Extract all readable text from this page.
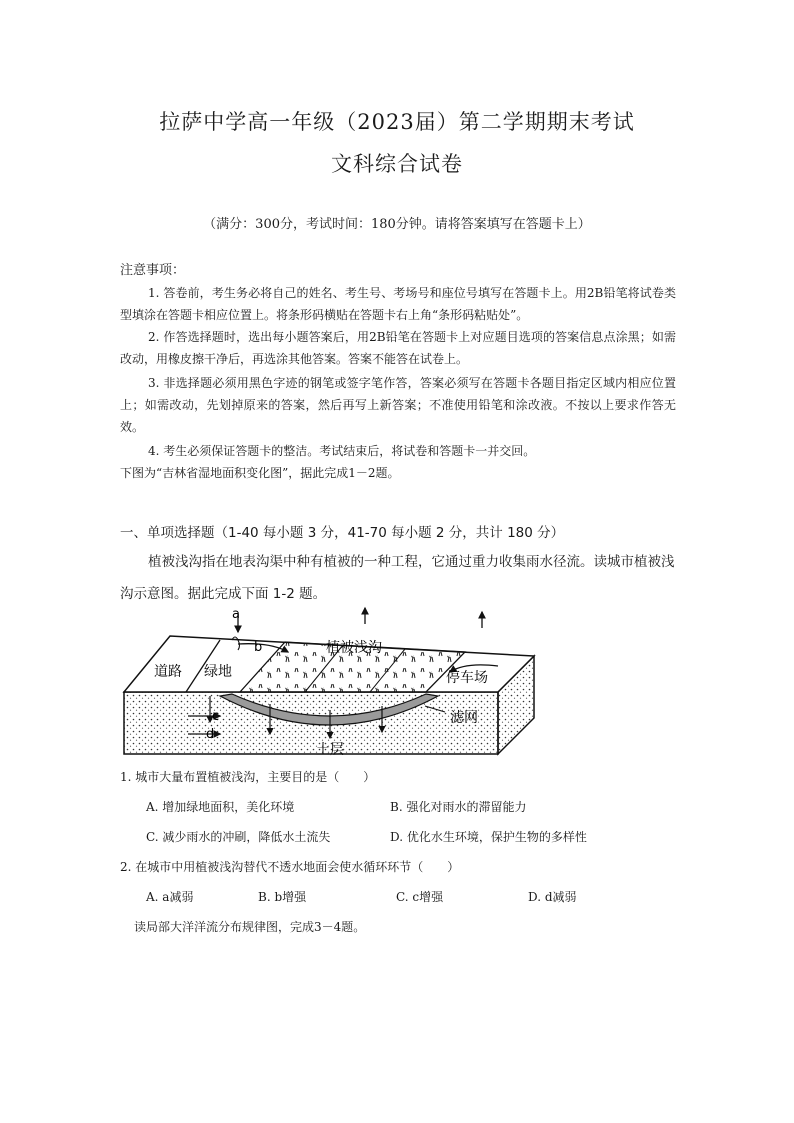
拉萨中学高一年级（2023届）第二学期期末考试
文科综合试卷
（满分：300分，考试时间：180分钟。请将答案填写在答题卡上）
注意事项：
1. 答卷前，考生务必将自己的姓名、考生号、考场号和座位号填写在答题卡上。用2B铅笔将试卷类型填涂在答题卡相应位置上。将条形码横贴在答题卡右上角“条形码粘贴处”。
2. 作答选择题时，选出每小题答案后，用2B铅笔在答题卡上对应题目选项的答案信息点涂黑；如需改动，用橡皮擦干净后，再选涂其他答案。答案不能答在试卷上。
3. 非选择题必须用黑色字迹的钢笔或签字笔作答，答案必须写在答题卡各题目指定区域内相应位置上；如需改动，先划掉原来的答案，然后再写上新答案；不准使用铅笔和涂改液。不按以上要求作答无效。
4. 考生必须保证答题卡的整洁。考试结束后，将试卷和答题卡一并交回。
下图为“吉林省湿地面积变化图”，据此完成1－2题。
一、单项选择题（1-40 每小题 3 分，41-70 每小题 2 分，共计 180 分）
植被浅沟指在地表沟渠中种有植被的一种工程，它通过重力收集雨水径流。读城市植被浅沟示意图。据此完成下面 1-2 题。
a
b
c
d
道路 绿地
植被浅沟
停车场
滤网
土层
1. 城市大量布置植被浅沟，主要目的是（　　）
A. 增加绿地面积，美化环境	B. 强化对雨水的滞留能力
C. 减少雨水的冲刷，降低水土流失	D. 优化水生环境，保护生物的多样性
2. 在城市中用植被浅沟替代不透水地面会使水循环环节（　　）
A. a减弱	B. b增强	C. c增强	D. d减弱
读局部大洋洋流分布规律图，完成3－4题。
